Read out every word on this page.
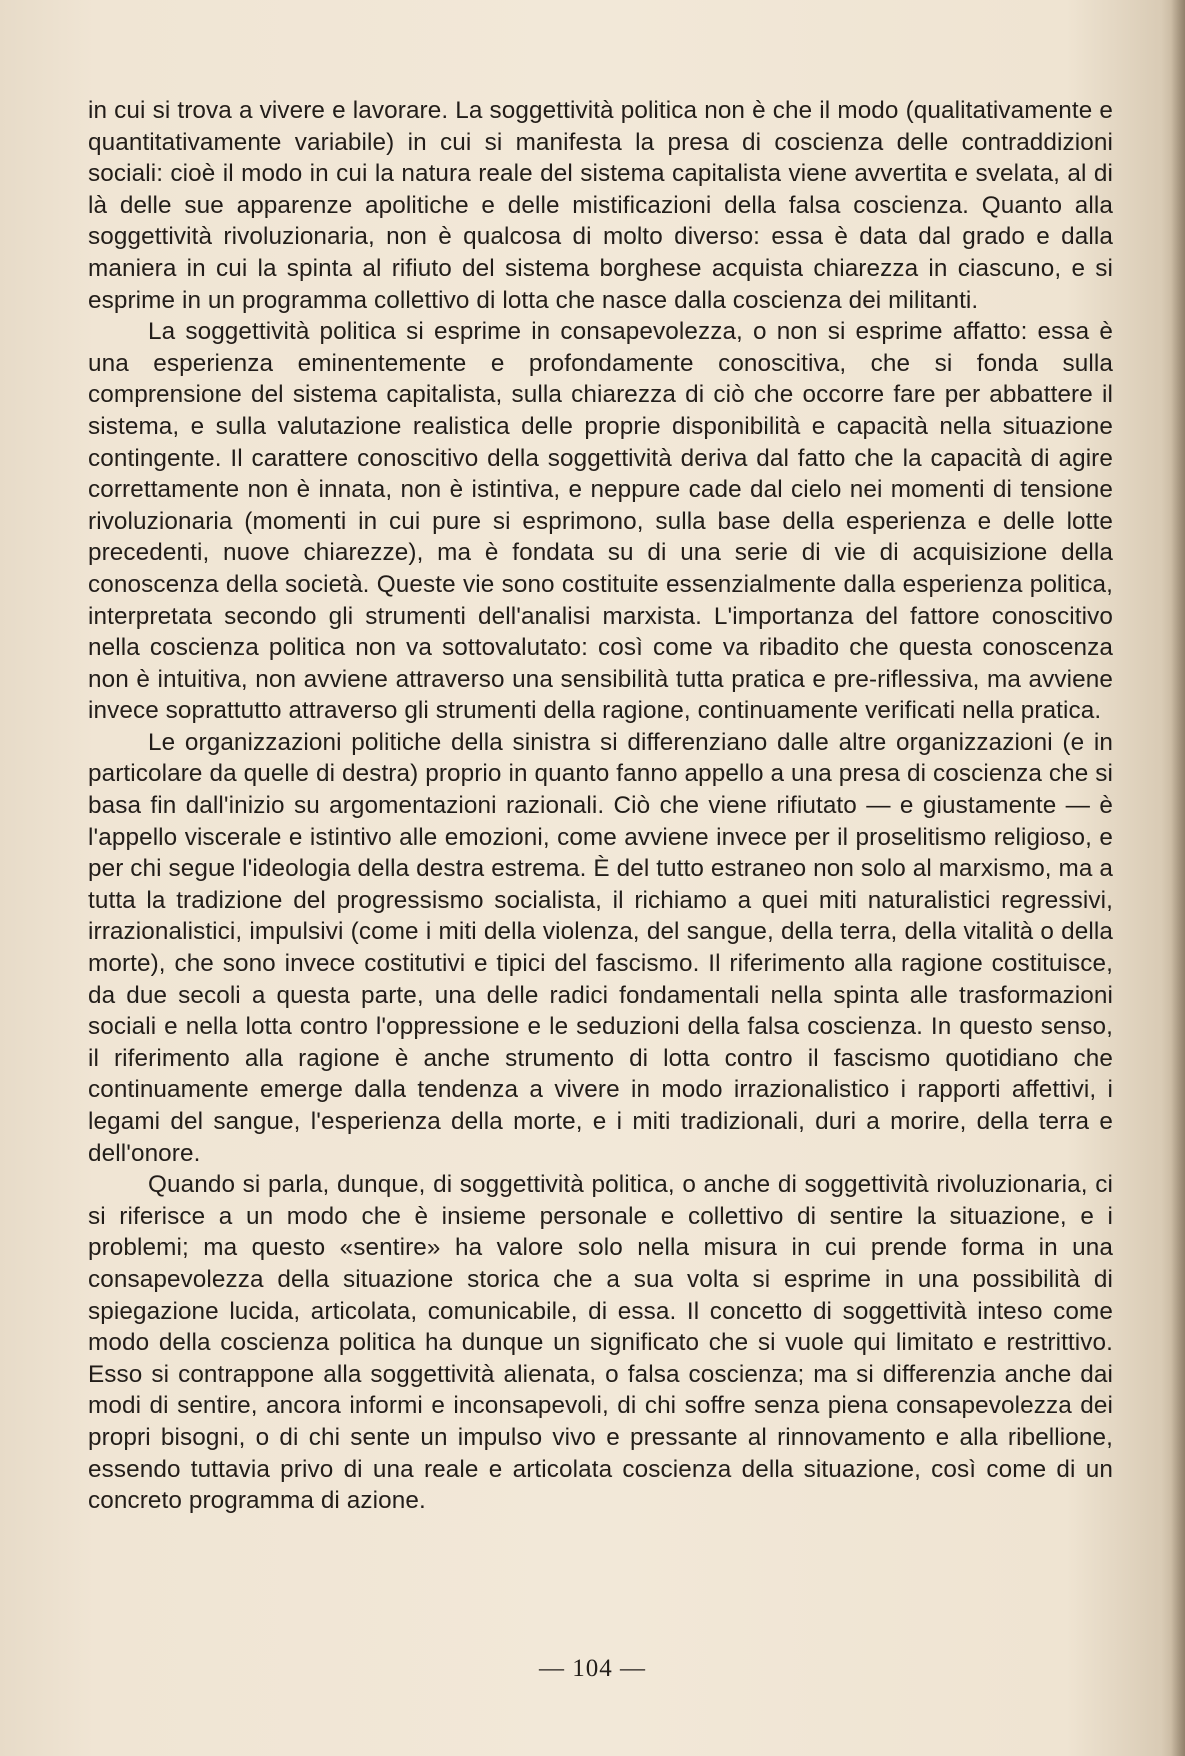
in cui si trova a vivere e lavorare. La soggettività politica non è che il modo (qualitativamente e quantitativamente variabile) in cui si manifesta la presa di coscienza delle contraddizioni sociali: cioè il modo in cui la natura reale del sistema capitalista viene avvertita e svelata, al di là delle sue apparenze apolitiche e delle mistificazioni della falsa coscienza. Quanto alla soggettività rivoluzionaria, non è qualcosa di molto diverso: essa è data dal grado e dalla maniera in cui la spinta al rifiuto del sistema borghese acquista chiarezza in ciascuno, e si esprime in un programma collettivo di lotta che nasce dalla coscienza dei militanti.

La soggettività politica si esprime in consapevolezza, o non si esprime affatto: essa è una esperienza eminentemente e profondamente conoscitiva, che si fonda sulla comprensione del sistema capitalista, sulla chiarezza di ciò che occorre fare per abbattere il sistema, e sulla valutazione realistica delle proprie disponibilità e capacità nella situazione contingente. Il carattere conoscitivo della soggettività deriva dal fatto che la capacità di agire correttamente non è innata, non è istintiva, e neppure cade dal cielo nei momenti di tensione rivoluzionaria (momenti in cui pure si esprimono, sulla base della esperienza e delle lotte precedenti, nuove chiarezze), ma è fondata su di una serie di vie di acquisizione della conoscenza della società. Queste vie sono costituite essenzialmente dalla esperienza politica, interpretata secondo gli strumenti dell'analisi marxista. L'importanza del fattore conoscitivo nella coscienza politica non va sottovalutato: così come va ribadito che questa conoscenza non è intuitiva, non avviene attraverso una sensibilità tutta pratica e pre-riflessiva, ma avviene invece soprattutto attraverso gli strumenti della ragione, continuamente verificati nella pratica.

Le organizzazioni politiche della sinistra si differenziano dalle altre organizzazioni (e in particolare da quelle di destra) proprio in quanto fanno appello a una presa di coscienza che si basa fin dall'inizio su argomentazioni razionali. Ciò che viene rifiutato — e giustamente — è l'appello viscerale e istintivo alle emozioni, come avviene invece per il proselitismo religioso, e per chi segue l'ideologia della destra estrema. È del tutto estraneo non solo al marxismo, ma a tutta la tradizione del progressismo socialista, il richiamo a quei miti naturalistici regressivi, irrazionalistici, impulsivi (come i miti della violenza, del sangue, della terra, della vitalità o della morte), che sono invece costitutivi e tipici del fascismo. Il riferimento alla ragione costituisce, da due secoli a questa parte, una delle radici fondamentali nella spinta alle trasformazioni sociali e nella lotta contro l'oppressione e le seduzioni della falsa coscienza. In questo senso, il riferimento alla ragione è anche strumento di lotta contro il fascismo quotidiano che continuamente emerge dalla tendenza a vivere in modo irrazionalistico i rapporti affettivi, i legami del sangue, l'esperienza della morte, e i miti tradizionali, duri a morire, della terra e dell'onore.

Quando si parla, dunque, di soggettività politica, o anche di soggettività rivoluzionaria, ci si riferisce a un modo che è insieme personale e collettivo di sentire la situazione, e i problemi; ma questo «sentire» ha valore solo nella misura in cui prende forma in una consapevolezza della situazione storica che a sua volta si esprime in una possibilità di spiegazione lucida, articolata, comunicabile, di essa. Il concetto di soggettività inteso come modo della coscienza politica ha dunque un significato che si vuole qui limitato e restrittivo. Esso si contrappone alla soggettività alienata, o falsa coscienza; ma si differenzia anche dai modi di sentire, ancora informi e inconsapevoli, di chi soffre senza piena consapevolezza dei propri bisogni, o di chi sente un impulso vivo e pressante al rinnovamento e alla ribellione, essendo tuttavia privo di una reale e articolata coscienza della situazione, così come di un concreto programma di azione.

— 104 —
